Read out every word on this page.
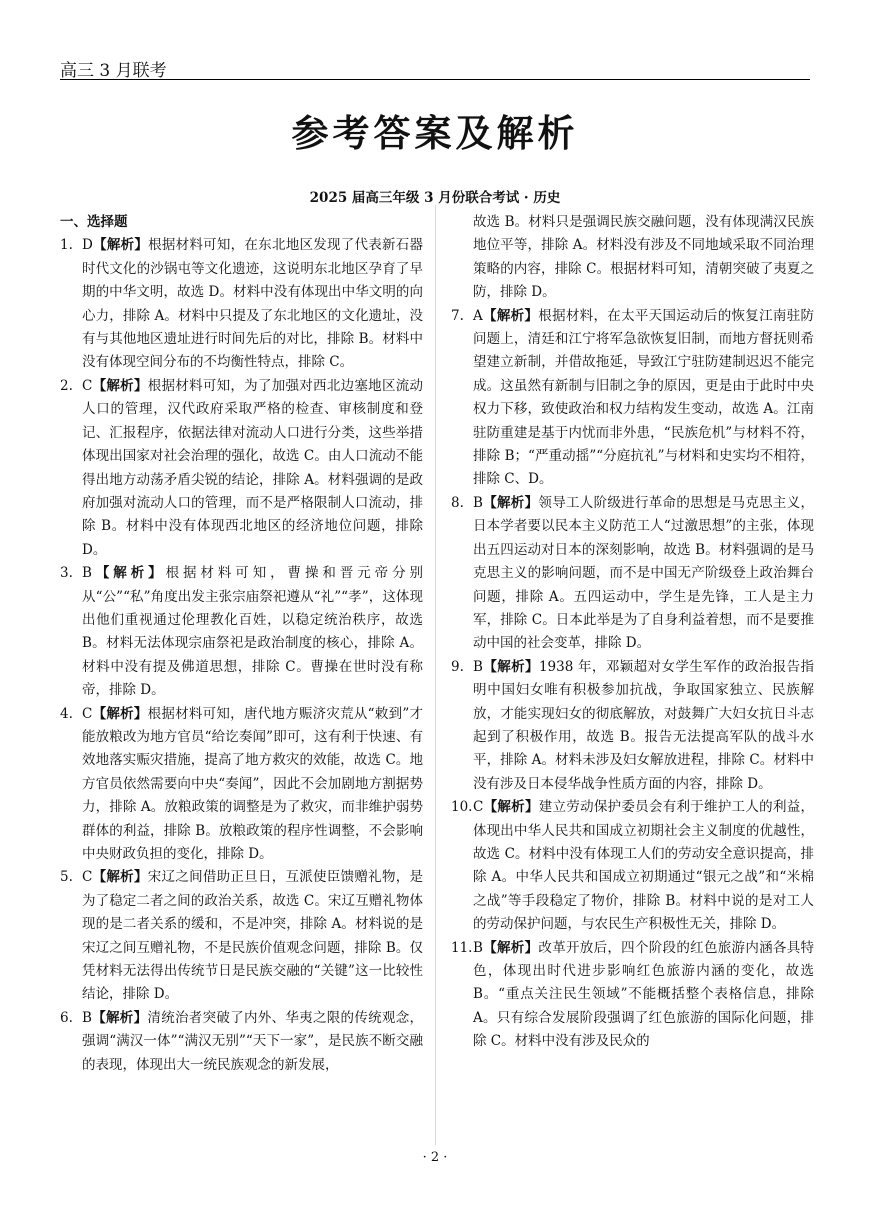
高三 3 月联考
参考答案及解析
2025 届高三年级 3 月份联合考试 · 历史
一、选择题
1. D【解析】根据材料可知，在东北地区发现了代表新石器时代文化的沙锅屯等文化遗迹，这说明东北地区孕育了早期的中华文明，故选 D。材料中没有体现出中华文明的向心力，排除 A。材料中只提及了东北地区的文化遗址，没有与其他地区遗址进行时间先后的对比，排除 B。材料中没有体现空间分布的不均衡性特点，排除 C。
2. C【解析】根据材料可知，为了加强对西北边塞地区流动人口的管理，汉代政府采取严格的检查、审核制度和登记、汇报程序，依据法律对流动人口进行分类，这些举措体现出国家对社会治理的强化，故选 C。由人口流动不能得出地方动荡矛盾尖锐的结论，排除 A。材料强调的是政府加强对流动人口的管理，而不是严格限制人口流动，排除 B。材料中没有体现西北地区的经济地位问题，排除 D。
3. B【解析】根据材料可知，曹操和晋元帝分别从“公”“私”角度出发主张宗庙祭祀遵从“礼”“孝”，这体现出他们重视通过伦理教化百姓，以稳定统治秩序，故选 B。材料无法体现宗庙祭祀是政治制度的核心，排除 A。材料中没有提及佛道思想，排除 C。曹操在世时没有称帝，排除 D。
4. C【解析】根据材料可知，唐代地方赈济灾荒从“敕到”才能放粮改为地方官员“给讫奏闻”即可，这有利于快速、有效地落实赈灾措施，提高了地方救灾的效能，故选 C。地方官员依然需要向中央“奏闻”，因此不会加剧地方割据势力，排除 A。放粮政策的调整是为了救灾，而非维护弱势群体的利益，排除 B。放粮政策的程序性调整，不会影响中央财政负担的变化，排除 D。
5. C【解析】宋辽之间借助正旦日，互派使臣馈赠礼物，是为了稳定二者之间的政治关系，故选 C。宋辽互赠礼物体现的是二者关系的缓和，不是冲突，排除 A。材料说的是宋辽之间互赠礼物，不是民族价值观念问题，排除 B。仅凭材料无法得出传统节日是民族交融的“关键”这一比较性结论，排除 D。
6. B【解析】清统治者突破了内外、华夷之限的传统观念，强调“满汉一体”“满汉无别”“天下一家”，是民族不断交融的表现，体现出大一统民族观念的新发展，
故选 B。材料只是强调民族交融问题，没有体现满汉民族地位平等，排除 A。材料没有涉及不同地域采取不同治理策略的内容，排除 C。根据材料可知，清朝突破了夷夏之防，排除 D。
7. A【解析】根据材料，在太平天国运动后的恢复江南驻防问题上，清廷和江宁将军急欲恢复旧制，而地方督抚则希望建立新制，并借故拖延，导致江宁驻防建制迟迟不能完成。这虽然有新制与旧制之争的原因，更是由于此时中央权力下移，致使政治和权力结构发生变动，故选 A。江南驻防重建是基于内忧而非外患，“民族危机”与材料不符，排除 B；“严重动摇”“分庭抗礼”与材料和史实均不相符，排除 C、D。
8. B【解析】领导工人阶级进行革命的思想是马克思主义，日本学者要以民本主义防范工人“过激思想”的主张，体现出五四运动对日本的深刻影响，故选 B。材料强调的是马克思主义的影响问题，而不是中国无产阶级登上政治舞台问题，排除 A。五四运动中，学生是先锋，工人是主力军，排除 C。日本此举是为了自身利益着想，而不是要推动中国的社会变革，排除 D。
9. B【解析】1938 年，邓颖超对女学生军作的政治报告指明中国妇女唯有积极参加抗战，争取国家独立、民族解放，才能实现妇女的彻底解放，对鼓舞广大妇女抗日斗志起到了积极作用，故选 B。报告无法提高军队的战斗水平，排除 A。材料未涉及妇女解放进程，排除 C。材料中没有涉及日本侵华战争性质方面的内容，排除 D。
10. C【解析】建立劳动保护委员会有利于维护工人的利益，体现出中华人民共和国成立初期社会主义制度的优越性，故选 C。材料中没有体现工人们的劳动安全意识提高，排除 A。中华人民共和国成立初期通过“银元之战”和“米棉之战”等手段稳定了物价，排除 B。材料中说的是对工人的劳动保护问题，与农民生产积极性无关，排除 D。
11. B【解析】改革开放后，四个阶段的红色旅游内涵各具特色，体现出时代进步影响红色旅游内涵的变化，故选 B。“重点关注民生领域”不能概括整个表格信息，排除 A。只有综合发展阶段强调了红色旅游的国际化问题，排除 C。材料中没有涉及民众的
· 2 ·
